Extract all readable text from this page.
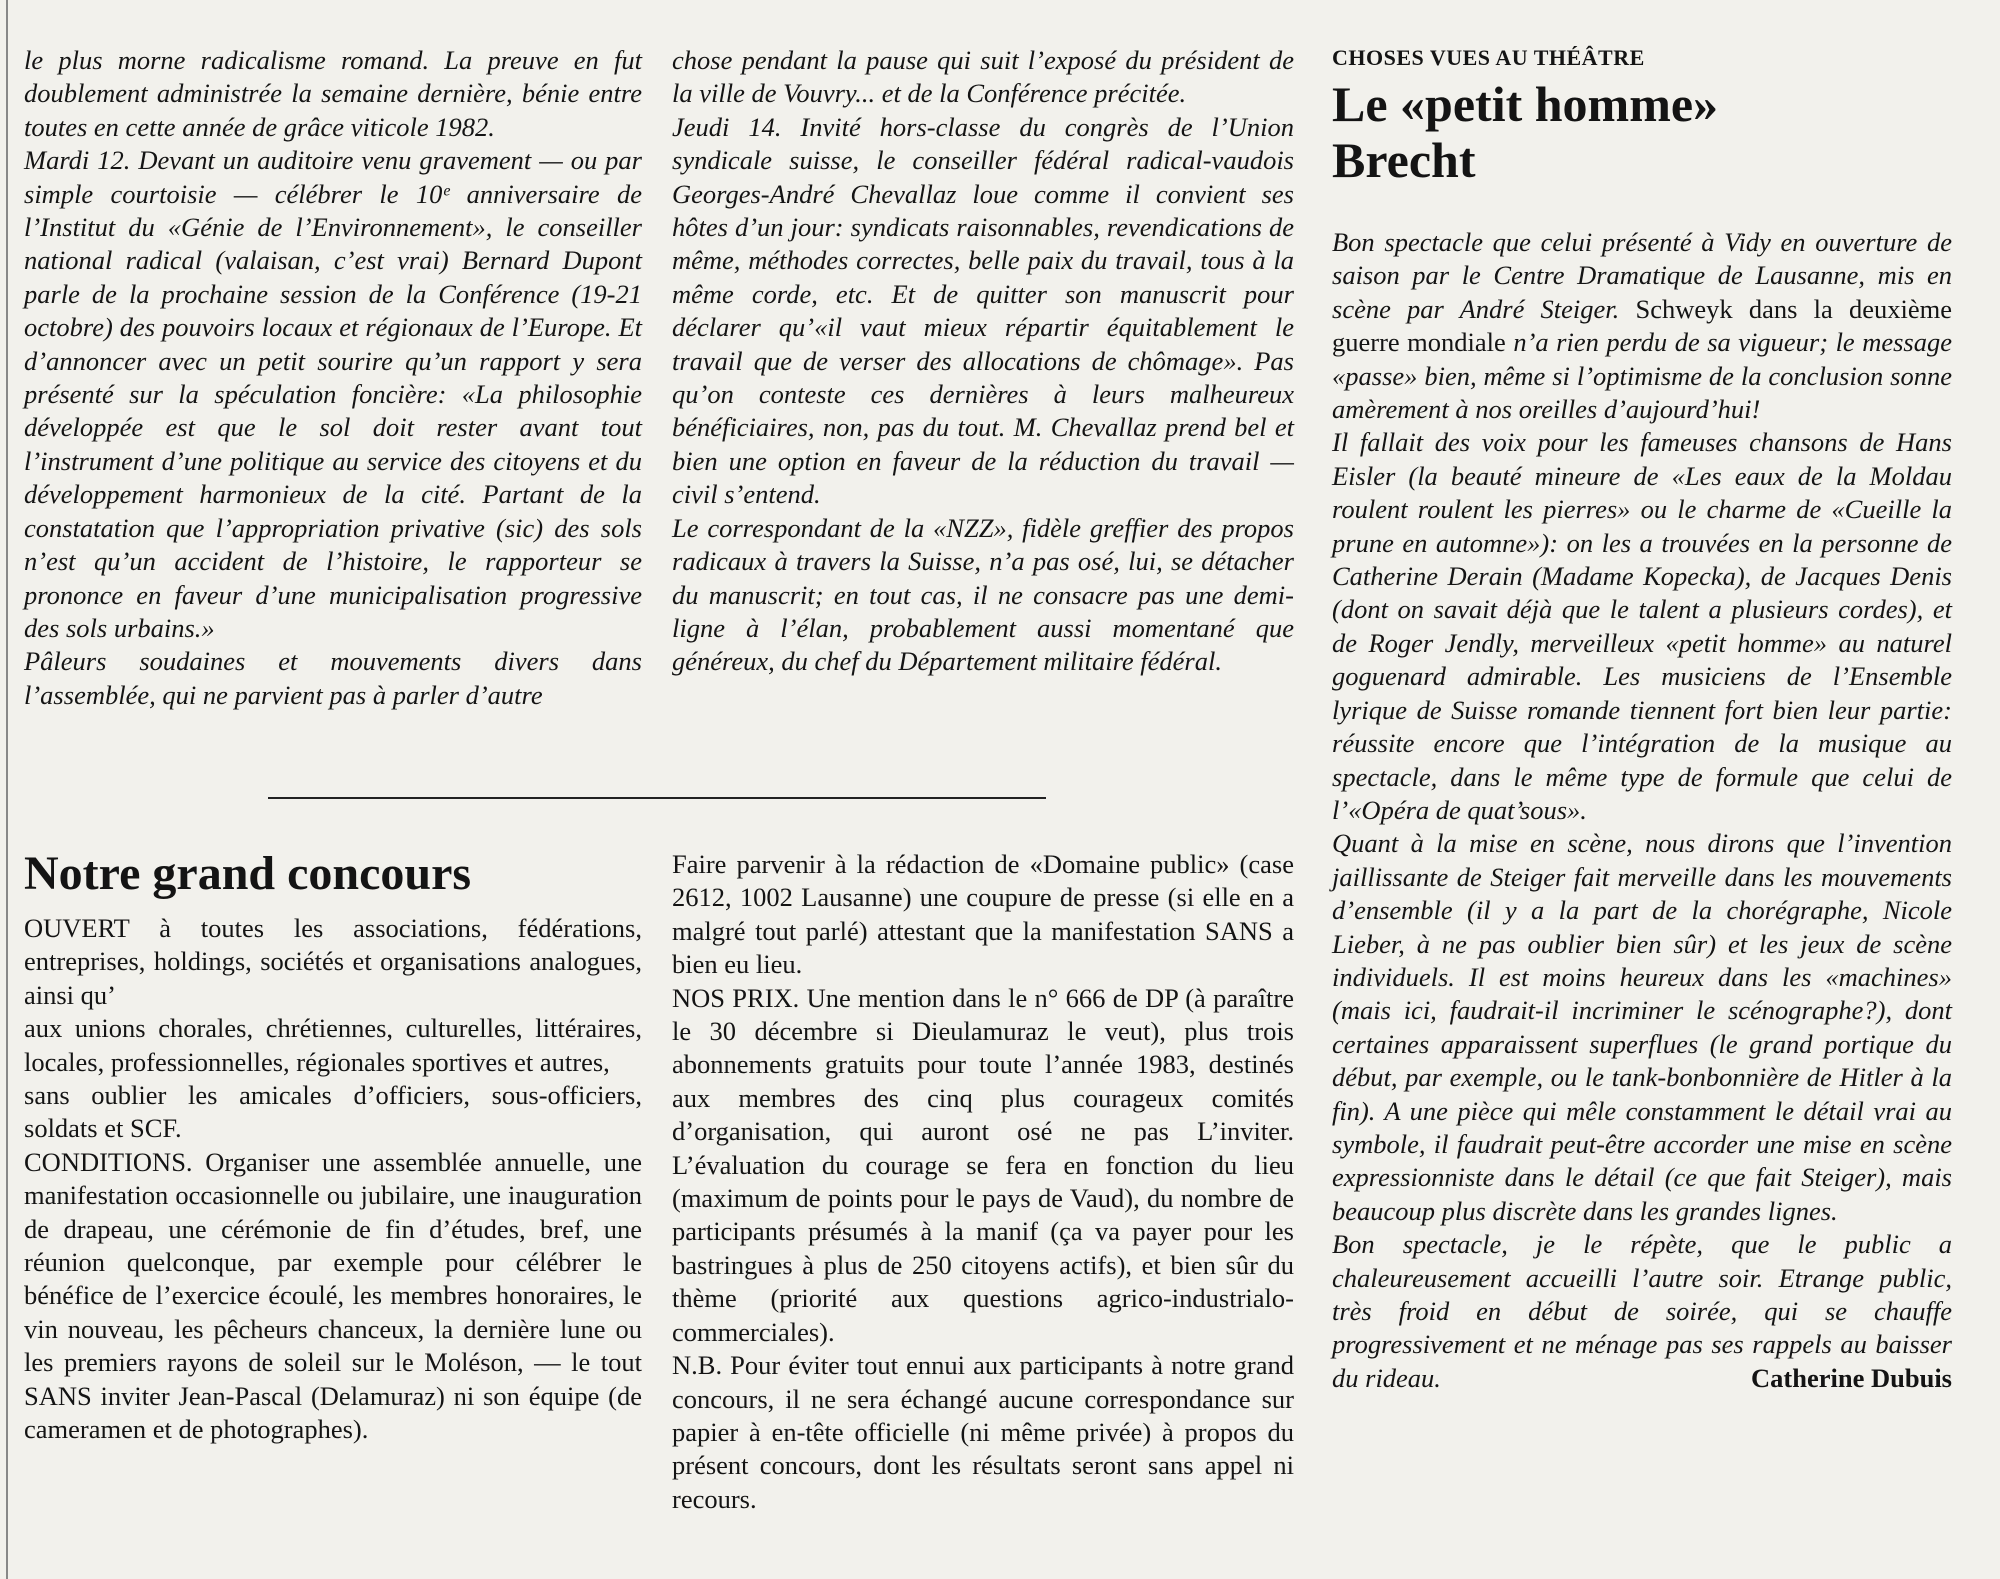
le plus morne radicalisme romand. La preuve en fut doublement administrée la semaine dernière, bénie entre toutes en cette année de grâce viticole 1982.

Mardi 12. Devant un auditoire venu gravement — ou par simple courtoisie — célébrer le 10ᵉ anniversaire de l’Institut du «Génie de l’Environnement», le conseiller national radical (valaisan, c’est vrai) Bernard Dupont parle de la prochaine session de la Conférence (19-21 octobre) des pouvoirs locaux et régionaux de l’Europe. Et d’annoncer avec un petit sourire qu’un rapport y sera présenté sur la spéculation foncière: «La philosophie développée est que le sol doit rester avant tout l’instrument d’une politique au service des citoyens et du développement harmonieux de la cité. Partant de la constatation que l’appropriation privative (sic) des sols n’est qu’un accident de l’histoire, le rapporteur se prononce en faveur d’une municipalisation progressive des sols urbains.»

Pâleurs soudaines et mouvements divers dans l’assemblée, qui ne parvient pas à parler d’autre

chose pendant la pause qui suit l’exposé du président de la ville de Vouvry... et de la Conférence précitée.

Jeudi 14. Invité hors-classe du congrès de l’Union syndicale suisse, le conseiller fédéral radical-vaudois Georges-André Chevallaz loue comme il convient ses hôtes d’un jour: syndicats raisonnables, revendications de même, méthodes correctes, belle paix du travail, tous à la même corde, etc. Et de quitter son manuscrit pour déclarer qu’«il vaut mieux répartir équitablement le travail que de verser des allocations de chômage». Pas qu’on conteste ces dernières à leurs malheureux bénéficiaires, non, pas du tout. M. Chevallaz prend bel et bien une option en faveur de la réduction du travail — civil s’entend.

Le correspondant de la «NZZ», fidèle greffier des propos radicaux à travers la Suisse, n’a pas osé, lui, se détacher du manuscrit; en tout cas, il ne consacre pas une demi-ligne à l’élan, probablement aussi momentané que généreux, du chef du Département militaire fédéral.

CHOSES VUES AU THÉÂTRE

Le «petit homme»
Brecht

Bon spectacle que celui présenté à Vidy en ouverture de saison par le Centre Dramatique de Lausanne, mis en scène par André Steiger. Schweyk dans la deuxième guerre mondiale n’a rien perdu de sa vigueur; le message «passe» bien, même si l’optimisme de la conclusion sonne amèrement à nos oreilles d’aujourd’hui!

Il fallait des voix pour les fameuses chansons de Hans Eisler (la beauté mineure de «Les eaux de la Moldau roulent roulent les pierres» ou le charme de «Cueille la prune en automne»): on les a trouvées en la personne de Catherine Derain (Madame Kopecka), de Jacques Denis (dont on savait déjà que le talent a plusieurs cordes), et de Roger Jendly, merveilleux «petit homme» au naturel goguenard admirable. Les musiciens de l’Ensemble lyrique de Suisse romande tiennent fort bien leur partie: réussite encore que l’intégration de la musique au spectacle, dans le même type de formule que celui de l’«Opéra de quat’sous».

Quant à la mise en scène, nous dirons que l’invention jaillissante de Steiger fait merveille dans les mouvements d’ensemble (il y a la part de la chorégraphe, Nicole Lieber, à ne pas oublier bien sûr) et les jeux de scène individuels. Il est moins heureux dans les «machines» (mais ici, faudrait-il incriminer le scénographe?), dont certaines apparaissent superflues (le grand portique du début, par exemple, ou le tank-bonbonnière de Hitler à la fin). A une pièce qui mêle constamment le détail vrai au symbole, il faudrait peut-être accorder une mise en scène expressionniste dans le détail (ce que fait Steiger), mais beaucoup plus discrète dans les grandes lignes.

Bon spectacle, je le répète, que le public a chaleureusement accueilli l’autre soir. Etrange public, très froid en début de soirée, qui se chauffe progressivement et ne ménage pas ses rappels au baisser du rideau.	Catherine Dubuis

Notre grand concours

OUVERT à toutes les associations, fédérations, entreprises, holdings, sociétés et organisations analogues, ainsi qu’

aux unions chorales, chrétiennes, culturelles, littéraires, locales, professionnelles, régionales sportives et autres,

sans oublier les amicales d’officiers, sous-officiers, soldats et SCF.

CONDITIONS. Organiser une assemblée annuelle, une manifestation occasionnelle ou jubilaire, une inauguration de drapeau, une cérémonie de fin d’études, bref, une réunion quelconque, par exemple pour célébrer le bénéfice de l’exercice écoulé, les membres honoraires, le vin nouveau, les pêcheurs chanceux, la dernière lune ou les premiers rayons de soleil sur le Moléson, — le tout SANS inviter Jean-Pascal (Delamuraz) ni son équipe (de cameramen et de photographes).

Faire parvenir à la rédaction de «Domaine public» (case 2612, 1002 Lausanne) une coupure de presse (si elle en a malgré tout parlé) attestant que la manifestation SANS a bien eu lieu.

NOS PRIX. Une mention dans le n° 666 de DP (à paraître le 30 décembre si Dieulamuraz le veut), plus trois abonnements gratuits pour toute l’année 1983, destinés aux membres des cinq plus courageux comités d’organisation, qui auront osé ne pas L’inviter. L’évaluation du courage se fera en fonction du lieu (maximum de points pour le pays de Vaud), du nombre de participants présumés à la manif (ça va payer pour les bastringues à plus de 250 citoyens actifs), et bien sûr du thème (priorité aux questions agrico-industrialo-commerciales).

N.B. Pour éviter tout ennui aux participants à notre grand concours, il ne sera échangé aucune correspondance sur papier à en-tête officielle (ni même privée) à propos du présent concours, dont les résultats seront sans appel ni recours.
